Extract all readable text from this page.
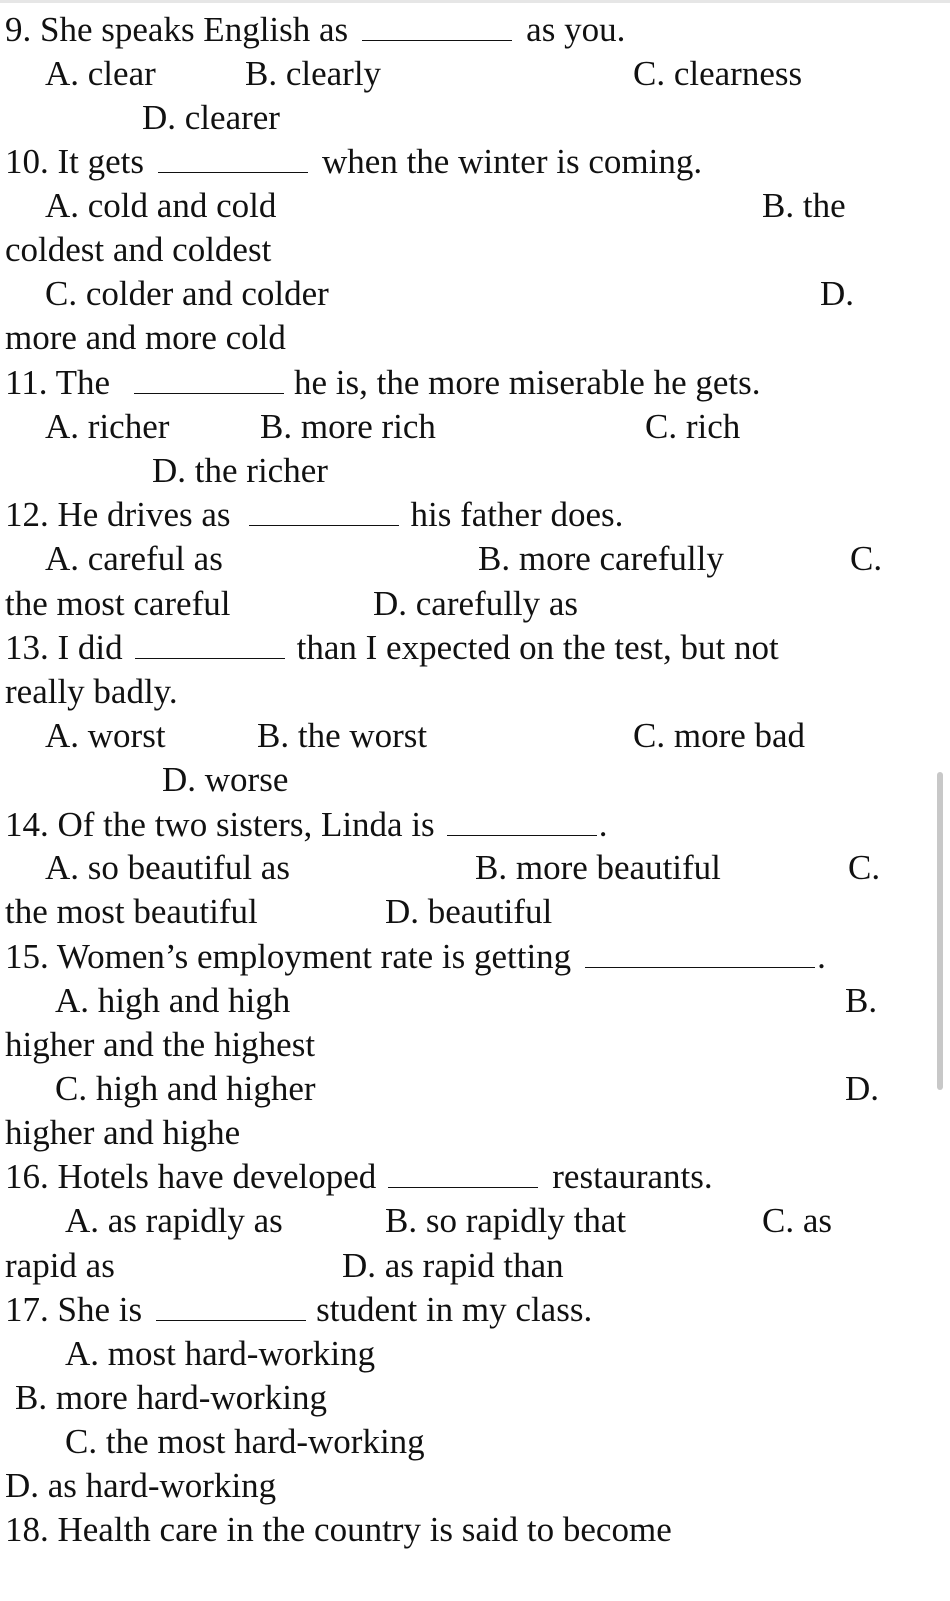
9. She speaks English as	as you.
A. clear	B. clearly	C. clearness
D. clearer
10. It gets	when the winter is coming.
A. cold and cold	B. the
coldest and coldest
C. colder and colder	D.
more and more cold
11. The	he is, the more miserable he gets.
A. richer	B. more rich	C. rich
D. the richer
12. He drives as	his father does.
A. careful as	B. more carefully	C.
the most careful	D. carefully as
13. I did	than I expected on the test, but not
really badly.
A. worst	B. the worst	C. more bad
D. worse
14. Of the two sisters, Linda is	.
A. so beautiful as	B. more beautiful	C.
the most beautiful	D. beautiful
15. Women’s employment rate is getting	.
A. high and high	B.
higher and the highest
C. high and higher	D.
higher and highe
16. Hotels have developed	restaurants.
A. as rapidly as	B. so rapidly that	C. as
rapid as	D. as rapid than
17. She is	student in my class.
A. most hard-working
B. more hard-working
C. the most hard-working
D. as hard-working
18. Health care in the country is said to become
